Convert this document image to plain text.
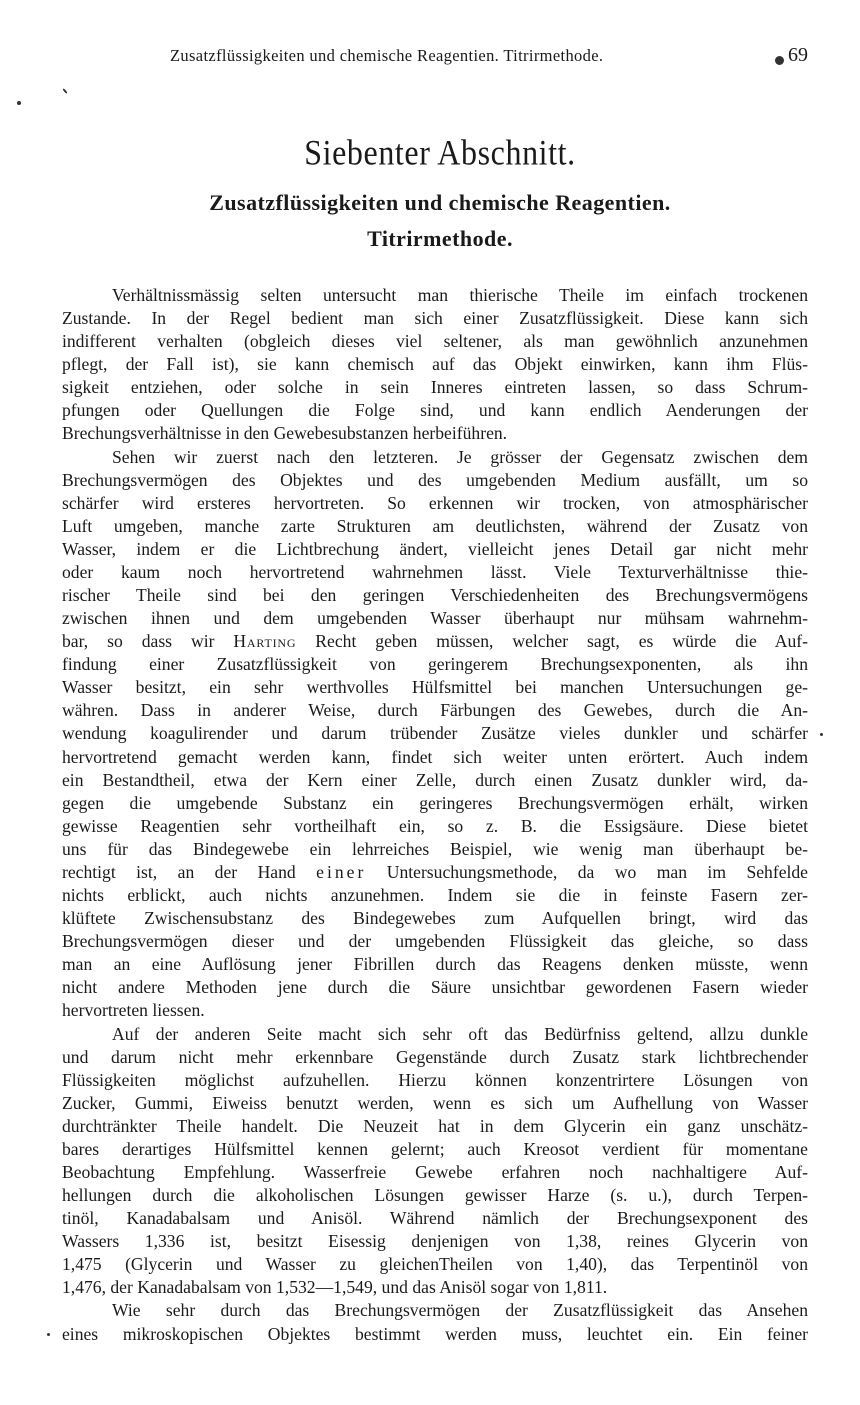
Zusatzflüssigkeiten und chemische Reagentien. Titrirmethode.	69
Siebenter Abschnitt.
Zusatzflüssigkeiten und chemische Reagentien.
Titrirmethode.
Verhältnissmässig selten untersucht man thierische Theile im einfach trockenen
Zustande. In der Regel bedient man sich einer Zusatzflüssigkeit. Diese kann sich
indifferent verhalten (obgleich dieses viel seltener, als man gewöhnlich anzunehmen
pflegt, der Fall ist), sie kann chemisch auf das Objekt einwirken, kann ihm Flüs-
sigkeit entziehen, oder solche in sein Inneres eintreten lassen, so dass Schrum-
pfungen oder Quellungen die Folge sind, und kann endlich Aenderungen der
Brechungsverhältnisse in den Gewebesubstanzen herbeiführen.
Sehen wir zuerst nach den letzteren. Je grösser der Gegensatz zwischen dem
Brechungsvermögen des Objektes und des umgebenden Medium ausfällt, um so
schärfer wird ersteres hervortreten. So erkennen wir trocken, von atmosphärischer
Luft umgeben, manche zarte Strukturen am deutlichsten, während der Zusatz von
Wasser, indem er die Lichtbrechung ändert, vielleicht jenes Detail gar nicht mehr
oder kaum noch hervortretend wahrnehmen lässt. Viele Texturverhältnisse thie-
rischer Theile sind bei den geringen Verschiedenheiten des Brechungsvermögens
zwischen ihnen und dem umgebenden Wasser überhaupt nur mühsam wahrnehm-
bar, so dass wir Harting Recht geben müssen, welcher sagt, es würde die Auf-
findung einer Zusatzflüssigkeit von geringerem Brechungsexponenten, als ihn
Wasser besitzt, ein sehr werthvolles Hülfsmittel bei manchen Untersuchungen ge-
währen. Dass in anderer Weise, durch Färbungen des Gewebes, durch die An-
wendung koagulirender und darum trübender Zusätze vieles dunkler und schärfer
hervortretend gemacht werden kann, findet sich weiter unten erörtert. Auch indem
ein Bestandtheil, etwa der Kern einer Zelle, durch einen Zusatz dunkler wird, da-
gegen die umgebende Substanz ein geringeres Brechungsvermögen erhält, wirken
gewisse Reagentien sehr vortheilhaft ein, so z. B. die Essigsäure. Diese bietet
uns für das Bindegewebe ein lehrreiches Beispiel, wie wenig man überhaupt be-
rechtigt ist, an der Hand einer Untersuchungsmethode, da wo man im Sehfelde
nichts erblickt, auch nichts anzunehmen. Indem sie die in feinste Fasern zer-
klüftete Zwischensubstanz des Bindegewebes zum Aufquellen bringt, wird das
Brechungsvermögen dieser und der umgebenden Flüssigkeit das gleiche, so dass
man an eine Auflösung jener Fibrillen durch das Reagens denken müsste, wenn
nicht andere Methoden jene durch die Säure unsichtbar gewordenen Fasern wieder
hervortreten liessen.
Auf der anderen Seite macht sich sehr oft das Bedürfniss geltend, allzu dunkle
und darum nicht mehr erkennbare Gegenstände durch Zusatz stark lichtbrechender
Flüssigkeiten möglichst aufzuhellen. Hierzu können konzentrirtere Lösungen von
Zucker, Gummi, Eiweiss benutzt werden, wenn es sich um Aufhellung von Wasser
durchtränkter Theile handelt. Die Neuzeit hat in dem Glycerin ein ganz unschätz-
bares derartiges Hülfsmittel kennen gelernt; auch Kreosot verdient für momentane
Beobachtung Empfehlung. Wasserfreie Gewebe erfahren noch nachhaltigere Auf-
hellungen durch die alkoholischen Lösungen gewisser Harze (s. u.), durch Terpen-
tinöl, Kanadabalsam und Anisöl. Während nämlich der Brechungsexponent des
Wassers 1,336 ist, besitzt Eisessig denjenigen von 1,38, reines Glycerin von
1,475 (Glycerin und Wasser zu gleichenTheilen von 1,40), das Terpentinöl von
1,476, der Kanadabalsam von 1,532—1,549, und das Anisöl sogar von 1,811.
Wie sehr durch das Brechungsvermögen der Zusatzflüssigkeit das Ansehen
eines mikroskopischen Objektes bestimmt werden muss, leuchtet ein. Ein feiner
